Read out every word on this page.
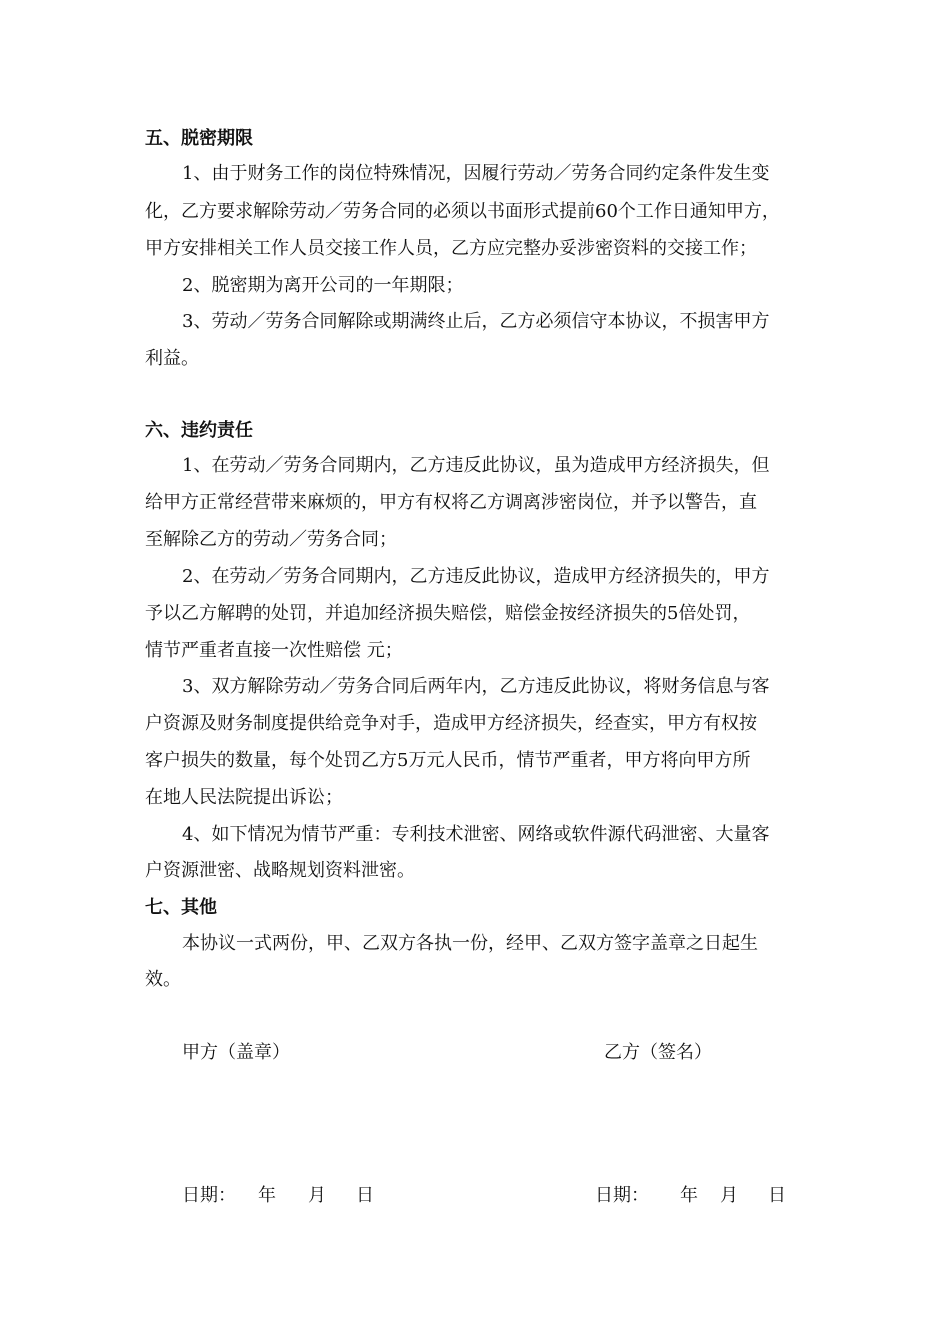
五、脱密期限
1、由于财务工作的岗位特殊情况，因履行劳动／劳务合同约定条件发生变
化，乙方要求解除劳动／劳务合同的必须以书面形式提前60个工作日通知甲方，
甲方安排相关工作人员交接工作人员，乙方应完整办妥涉密资料的交接工作；
2、脱密期为离开公司的一年期限；
3、劳动／劳务合同解除或期满终止后，乙方必须信守本协议，不损害甲方
利益。
六、违约责任
1、在劳动／劳务合同期内，乙方违反此协议，虽为造成甲方经济损失，但
给甲方正常经营带来麻烦的，甲方有权将乙方调离涉密岗位，并予以警告，直
至解除乙方的劳动／劳务合同；
2、在劳动／劳务合同期内，乙方违反此协议，造成甲方经济损失的，甲方
予以乙方解聘的处罚，并追加经济损失赔偿，赔偿金按经济损失的5倍处罚，
情节严重者直接一次性赔偿 元；
3、双方解除劳动／劳务合同后两年内，乙方违反此协议，将财务信息与客
户资源及财务制度提供给竞争对手，造成甲方经济损失，经查实，甲方有权按
客户损失的数量，每个处罚乙方5万元人民币，情节严重者，甲方将向甲方所
在地人民法院提出诉讼；
4、如下情况为情节严重：专利技术泄密、网络或软件源代码泄密、大量客
户资源泄密、战略规划资料泄密。
七、其他
本协议一式两份，甲、乙双方各执一份，经甲、乙双方签字盖章之日起生
效。
甲方（盖章）	乙方（签名）
日期： 年 月 日	日期： 年 月 日
